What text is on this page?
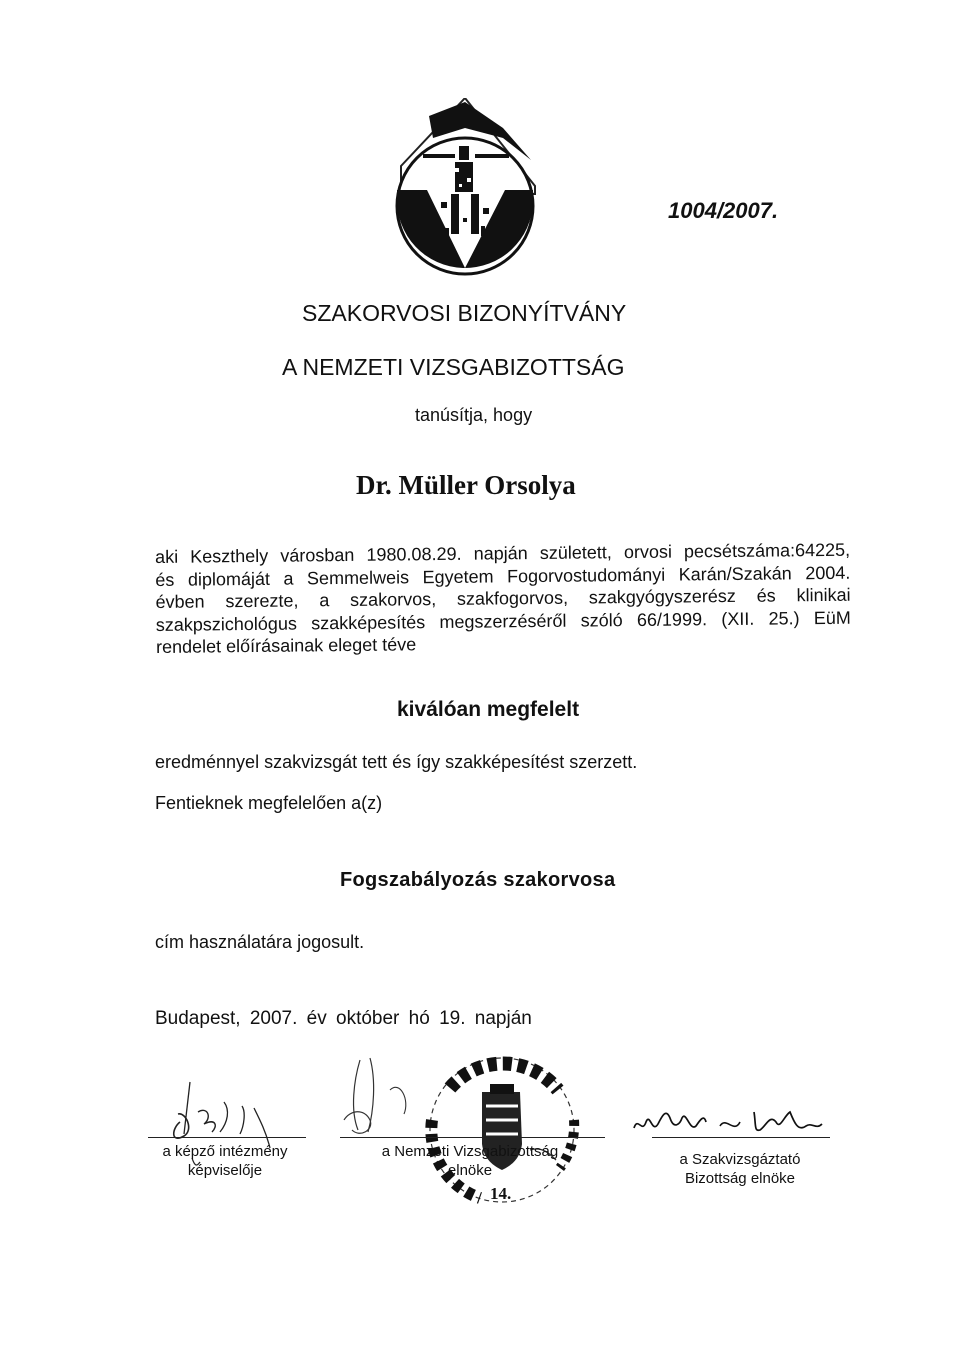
1004/2007.
SZAKORVOSI BIZONYÍTVÁNY
A NEMZETI VIZSGABIZOTTSÁG
tanúsítja, hogy
Dr. Müller Orsolya
aki Keszthely városban 1980.08.29. napján született, orvosi pecsétszáma:64225,
és diplomáját a Semmelweis Egyetem Fogorvostudományi Karán/Szakán 2004.
évben szerezte, a szakorvos, szakfogorvos, szakgyógyszerész és klinikai
szakpszichológus szakképesítés megszerzéséről szóló 66/1999. (XII. 25.) EüM
rendelet előírásainak eleget téve
kiválóan megfelelt
eredménnyel szakvizsgát tett és így szakképesítést szerzett.
Fentieknek megfelelően a(z)
Fogszabályozás szakorvosa
cím használatára jogosult.
Budapest, 2007. év október hó 19. napján
a képző intézmény
képviselője
14.
a Nemzeti Vizsgabizottság
elnöke
a Szakvizsgáztató
Bizottság elnöke
